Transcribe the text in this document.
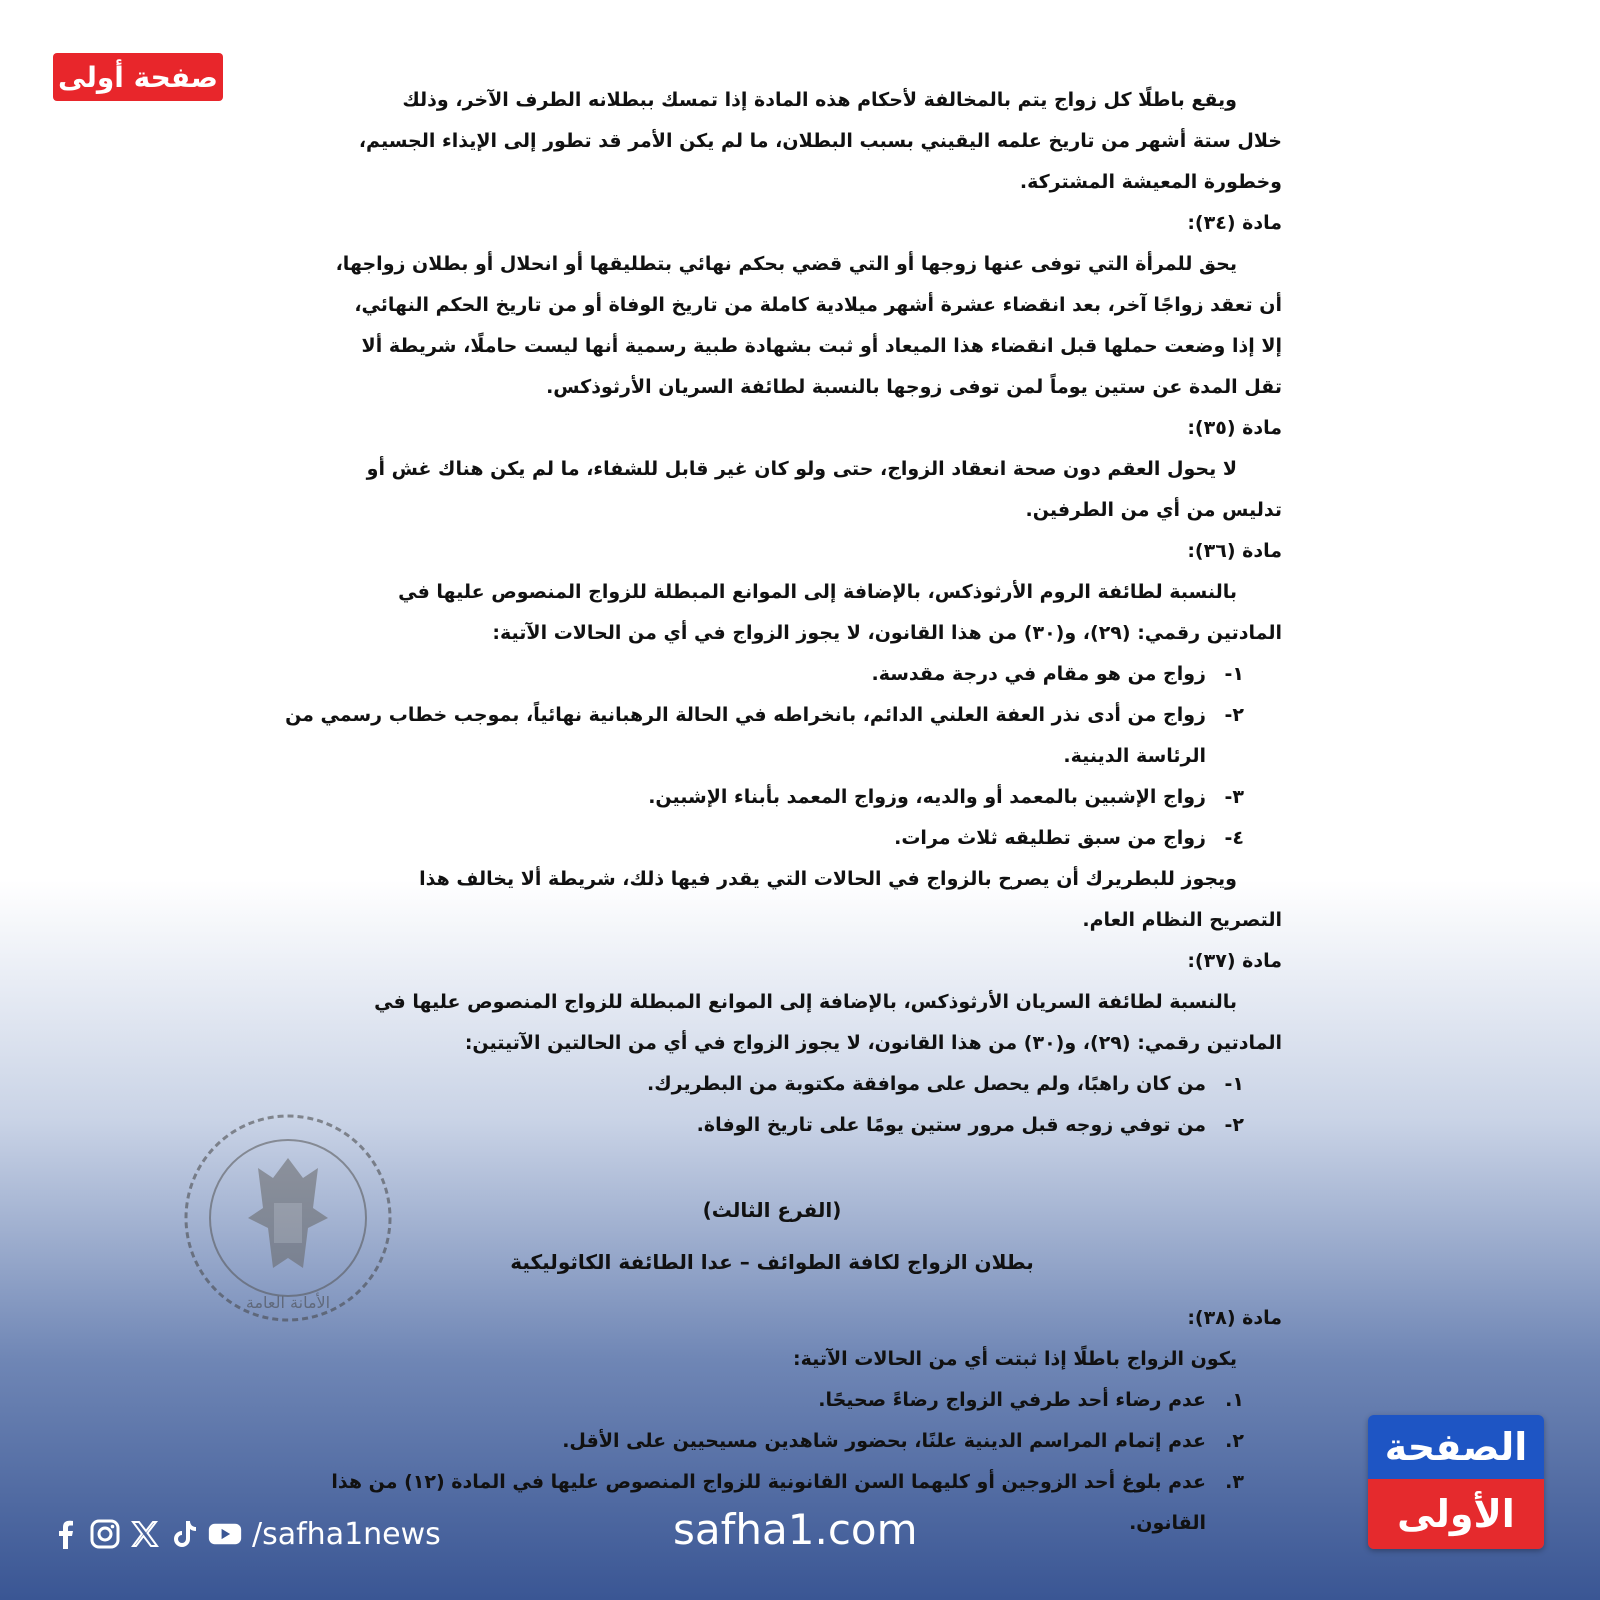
صفحة أولى

ويقع باطلًا كل زواج يتم بالمخالفة لأحكام هذه المادة إذا تمسك ببطلانه الطرف الآخر، وذلك

خلال ستة أشهر من تاريخ علمه اليقيني بسبب البطلان، ما لم يكن الأمر قد تطور إلى الإيذاء الجسيم،

وخطورة المعيشة المشتركة.

مادة (٣٤):

يحق للمرأة التي توفى عنها زوجها أو التي قضي بحكم نهائي بتطليقها أو انحلال أو بطلان زواجها،

أن تعقد زواجًا آخر، بعد انقضاء عشرة أشهر ميلادية كاملة من تاريخ الوفاة أو من تاريخ الحكم النهائي،

إلا إذا وضعت حملها قبل انقضاء هذا الميعاد أو ثبت بشهادة طبية رسمية أنها ليست حاملًا، شريطة ألا

تقل المدة عن ستين يوماً لمن توفى زوجها بالنسبة لطائفة السريان الأرثوذكس.

مادة (٣٥):

لا يحول العقم دون صحة انعقاد الزواج، حتى ولو كان غير قابل للشفاء، ما لم يكن هناك غش أو

تدليس من أي من الطرفين.

مادة (٣٦):

بالنسبة لطائفة الروم الأرثوذكس، بالإضافة إلى الموانع المبطلة للزواج المنصوص عليها في

المادتين رقمي: (٢٩)، و(٣٠) من هذا القانون، لا يجوز الزواج في أي من الحالات الآتية:

١-
زواج من هو مقام في درجة مقدسة.
٢-
زواج من أدى نذر العفة العلني الدائم، بانخراطه في الحالة الرهبانية نهائياً، بموجب خطاب رسمي من الرئاسة الدينية.
٣-
زواج الإشبين بالمعمد أو والديه، وزواج المعمد بأبناء الإشبين.
٤-
زواج من سبق تطليقه ثلاث مرات.

ويجوز للبطريرك أن يصرح بالزواج في الحالات التي يقدر فيها ذلك، شريطة ألا يخالف هذا

التصريح النظام العام.

مادة (٣٧):

بالنسبة لطائفة السريان الأرثوذكس، بالإضافة إلى الموانع المبطلة للزواج المنصوص عليها في

المادتين رقمي: (٢٩)، و(٣٠) من هذا القانون، لا يجوز الزواج في أي من الحالتين الآتيتين:

١-
من كان راهبًا، ولم يحصل على موافقة مكتوبة من البطريرك.
٢-
من توفي زوجه قبل مرور ستين يومًا على تاريخ الوفاة.

(الفرع الثالث)

بطلان الزواج لكافة الطوائف – عدا الطائفة الكاثوليكية

مادة (٣٨):

يكون الزواج باطلًا إذا ثبتت أي من الحالات الآتية:

١.
عدم رضاء أحد طرفي الزواج رضاءً صحيحًا.
٢.
عدم إتمام المراسم الدينية علنًا، بحضور شاهدين مسيحيين على الأقل.
٣.
عدم بلوغ أحد الزوجين أو كليهما السن القانونية للزواج المنصوص عليها في المادة (١٢) من هذا القانون.
الأمانة العامة
الصفحة
الأولى
/safha1news	safha1.com
